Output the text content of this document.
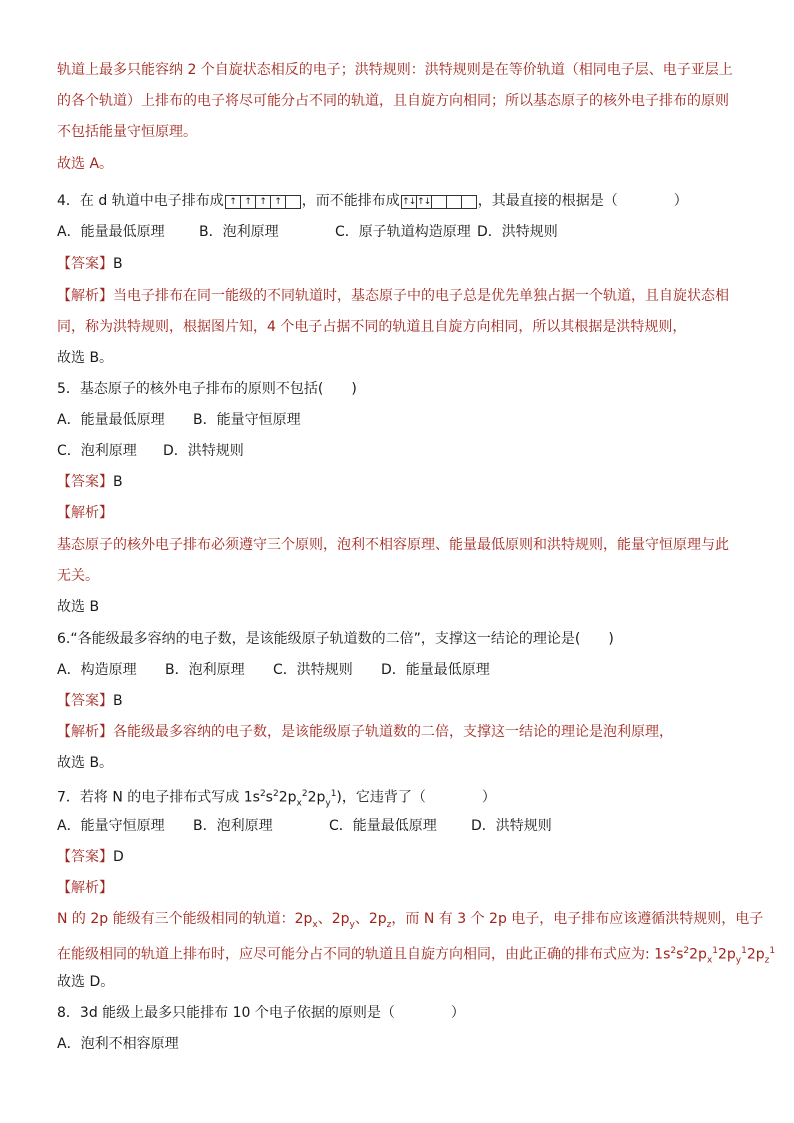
轨道上最多只能容纳 2 个自旋状态相反的电子；洪特规则：洪特规则是在等价轨道（相同电子层、电子亚层上
的各个轨道）上排布的电子将尽可能分占不同的轨道，且自旋方向相同；所以基态原子的核外电子排布的原则
不包括能量守恒原理。
故选 A。
4．在 d 轨道中电子排布成 ↑ ↑ ↑ ↑	，而不能排布成 ↑↓ ↑↓	，其最直接的根据是（	）
A．能量最低原理 B．泡利原理	C．原子轨道构造原理 D．洪特规则
【答案】B
【解析】当电子排布在同一能级的不同轨道时，基态原子中的电子总是优先单独占据一个轨道，且自旋状态相
同，称为洪特规则，根据图片知，4 个电子占据不同的轨道且自旋方向相同，所以其根据是洪特规则，
故选 B。
5．基态原子的核外电子排布的原则不包括(　　)
A．能量最低原理 B．能量守恒原理
C．泡利原理 D．洪特规则
【答案】B
【解析】
基态原子的核外电子排布必须遵守三个原则，泡利不相容原理、能量最低原则和洪特规则，能量守恒原理与此
无关。
故选 B
6.“各能级最多容纳的电子数，是该能级原子轨道数的二倍”，支撑这一结论的理论是(　　)
A．构造原理 B．泡利原理 C．洪特规则 D．能量最低原理
【答案】B
【解析】各能级最多容纳的电子数，是该能级原子轨道数的二倍，支撑这一结论的理论是泡利原理，
故选 B。
7．若将 N 的电子排布式写成 $1s^2s^22p_x^22p_y^1$)，它违背了（	）
A．能量守恒原理 B．泡利原理	C．能量最低原理 D．洪特规则
【答案】D
【解析】
N 的 2p 能级有三个能级相同的轨道：$2p_x$、$2p_y$、$2p_z$，而 N 有 3 个 2p 电子，电子排布应该遵循洪特规则，电子
在能级相同的轨道上排布时，应尽可能分占不同的轨道且自旋方向相同，由此正确的排布式应为: $1s^2s^22p_x^12p_y^12p_z^1$
故选 D。
8．3d 能级上最多只能排布 10 个电子依据的原则是（	）
A．泡利不相容原理
